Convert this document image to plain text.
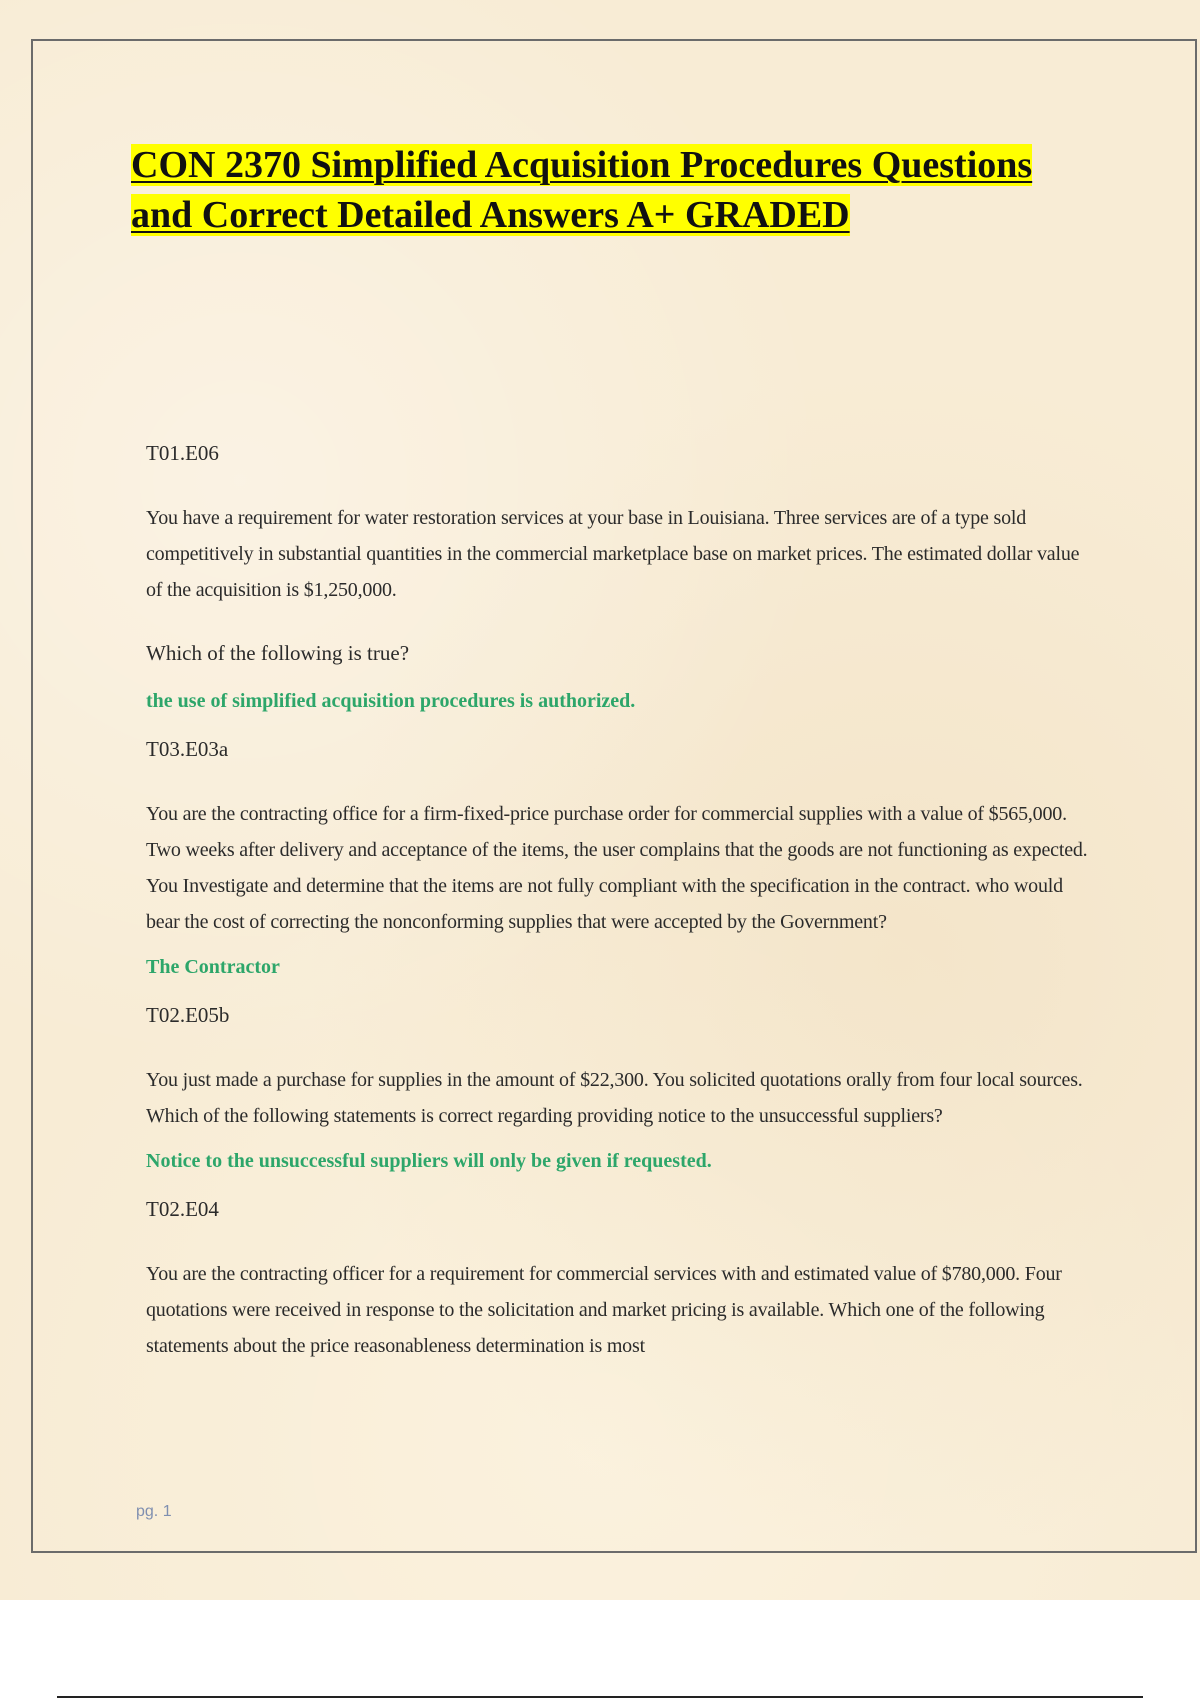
CON 2370 Simplified Acquisition Procedures Questions
and Correct Detailed Answers A+ GRADED

T01.E06

You have a requirement for water restoration services at your base in Louisiana. Three services are of a type sold competitively in substantial quantities in the commercial marketplace base on market prices. The estimated dollar value of the acquisition is $1,250,000.

Which of the following is true?

the use of simplified acquisition procedures is authorized.

T03.E03a

You are the contracting office for a firm-fixed-price purchase order for commercial supplies with a value of $565,000. Two weeks after delivery and acceptance of the items, the user complains that the goods are not functioning as expected. You Investigate and determine that the items are not fully compliant with the specification in the contract. who would bear the cost of correcting the nonconforming supplies that were accepted by the Government?

The Contractor

T02.E05b

You just made a purchase for supplies in the amount of $22,300. You solicited quotations orally from four local sources. Which of the following statements is correct regarding providing notice to the unsuccessful suppliers?

Notice to the unsuccessful suppliers will only be given if requested.

T02.E04

You are the contracting officer for a requirement for commercial services with and estimated value of $780,000. Four quotations were received in response to the solicitation and market pricing is available. Which one of the following statements about the price reasonableness determination is most

pg. 1
